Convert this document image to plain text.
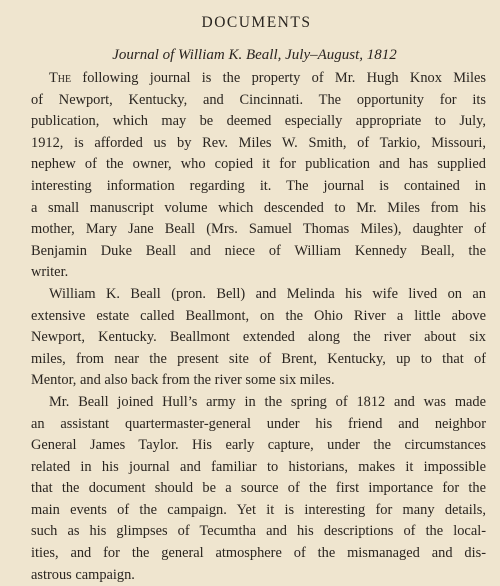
DOCUMENTS
Journal of William K. Beall, July–August, 1812
The following journal is the property of Mr. Hugh Knox Miles
of Newport, Kentucky, and Cincinnati. The opportunity for its
publication, which may be deemed especially appropriate to July,
1912, is afforded us by Rev. Miles W. Smith, of Tarkio, Missouri,
nephew of the owner, who copied it for publication and has supplied
interesting information regarding it. The journal is contained in
a small manuscript volume which descended to Mr. Miles from his
mother, Mary Jane Beall (Mrs. Samuel Thomas Miles), daughter of
Benjamin Duke Beall and niece of William Kennedy Beall, the
writer.
William K. Beall (pron. Bell) and Melinda his wife lived on an
extensive estate called Beallmont, on the Ohio River a little above
Newport, Kentucky. Beallmont extended along the river about six
miles, from near the present site of Brent, Kentucky, up to that of
Mentor, and also back from the river some six miles.
Mr. Beall joined Hull’s army in the spring of 1812 and was made
an assistant quartermaster-general under his friend and neighbor
General James Taylor. His early capture, under the circumstances
related in his journal and familiar to historians, makes it impossible
that the document should be a source of the first importance for the
main events of the campaign. Yet it is interesting for many details,
such as his glimpses of Tecumtha and his descriptions of the local-
ities, and for the general atmosphere of the mismanaged and dis-
astrous campaign.
